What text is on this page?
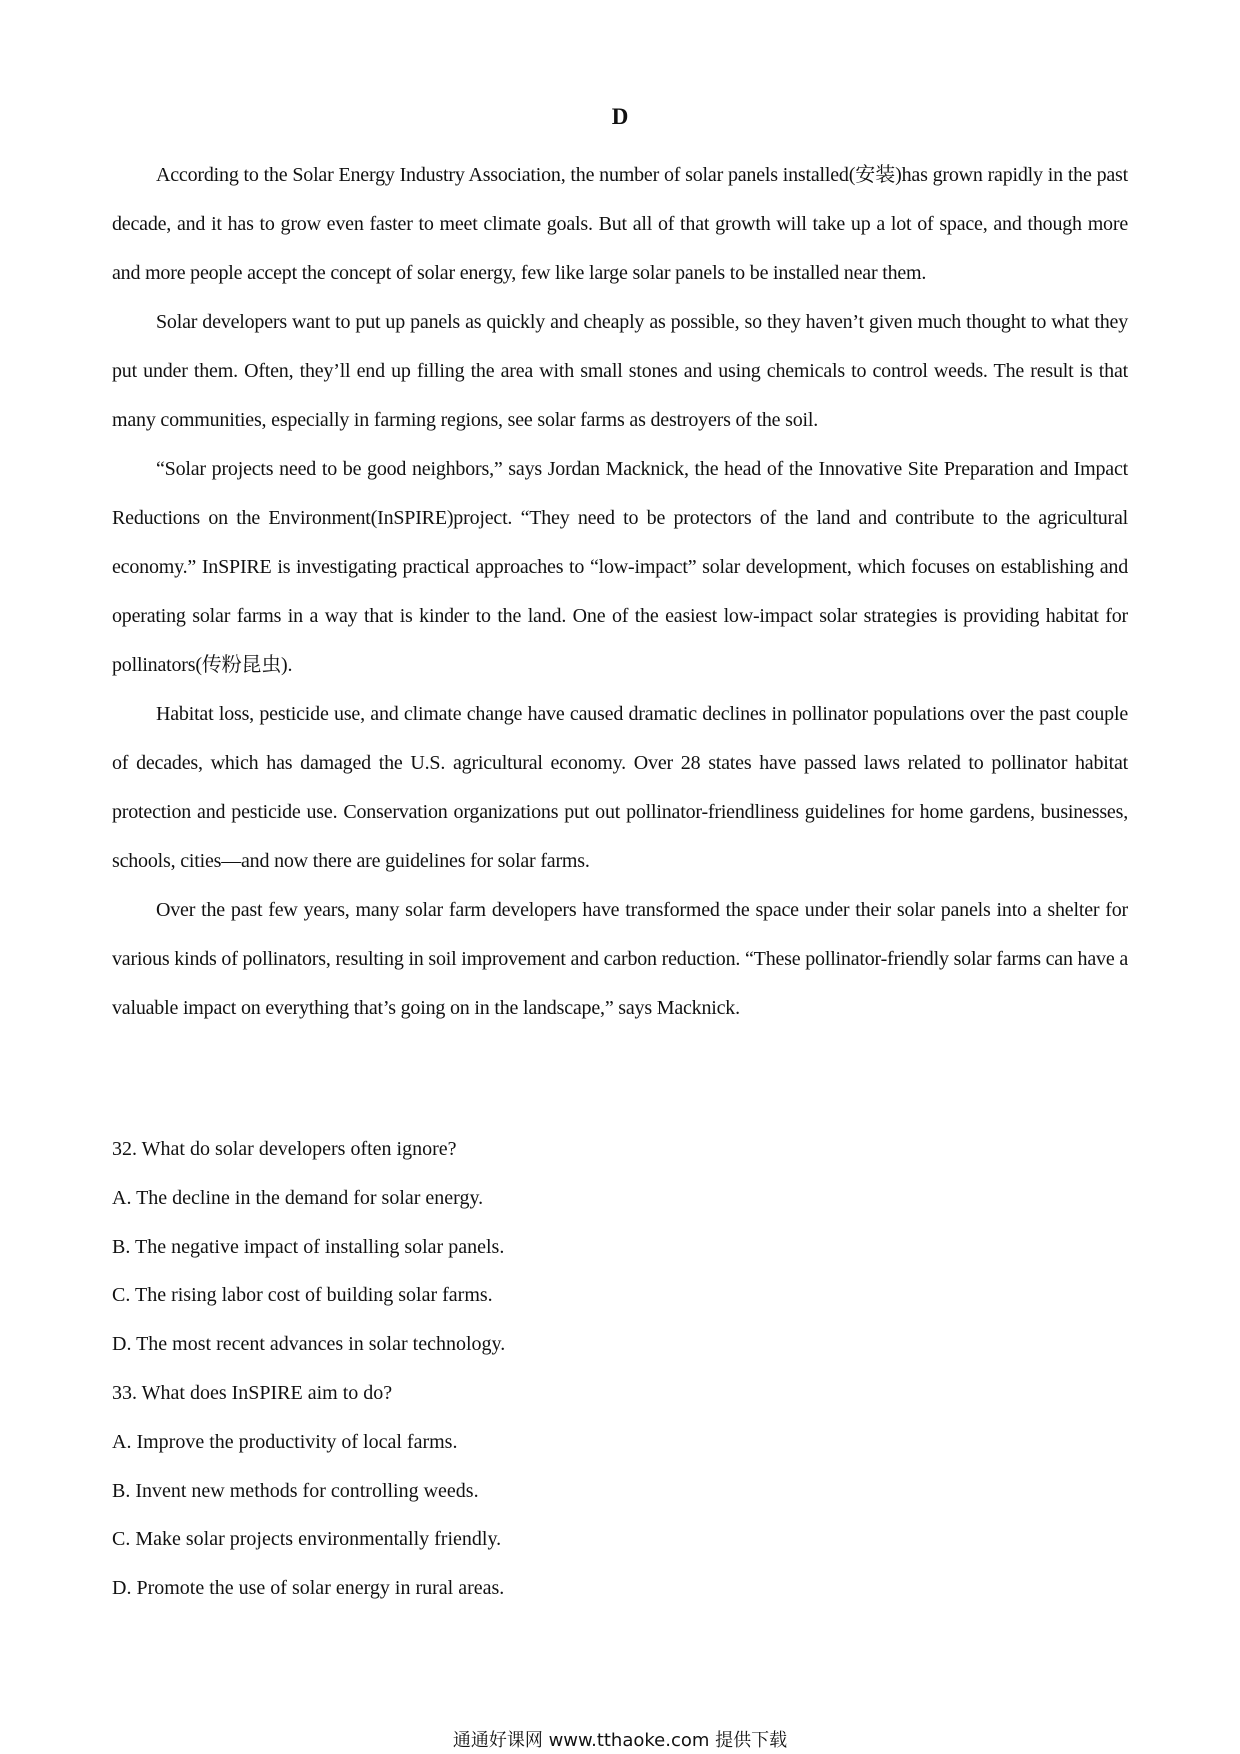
D

According to the Solar Energy Industry Association, the number of solar panels installed(安装)has grown rapidly in the past decade, and it has to grow even faster to meet climate goals. But all of that growth will take up a lot of space, and though more and more people accept the concept of solar energy, few like large solar panels to be installed near them.

Solar developers want to put up panels as quickly and cheaply as possible, so they haven’t given much thought to what they put under them. Often, they’ll end up filling the area with small stones and using chemicals to control weeds. The result is that many communities, especially in farming regions, see solar farms as destroyers of the soil.

“Solar projects need to be good neighbors,” says Jordan Macknick, the head of the Innovative Site Preparation and Impact Reductions on the Environment(InSPIRE)project. “They need to be protectors of the land and contribute to the agricultural economy.” InSPIRE is investigating practical approaches to “low-impact” solar development, which focuses on establishing and operating solar farms in a way that is kinder to the land. One of the easiest low-impact solar strategies is providing habitat for pollinators(传粉昆虫).

Habitat loss, pesticide use, and climate change have caused dramatic declines in pollinator populations over the past couple of decades, which has damaged the U.S. agricultural economy. Over 28 states have passed laws related to pollinator habitat protection and pesticide use. Conservation organizations put out pollinator-friendliness guidelines for home gardens, businesses, schools, cities—and now there are guidelines for solar farms.

Over the past few years, many solar farm developers have transformed the space under their solar panels into a shelter for various kinds of pollinators, resulting in soil improvement and carbon reduction. “These pollinator-friendly solar farms can have a valuable impact on everything that’s going on in the landscape,” says Macknick.

32. What do solar developers often ignore?

A. The decline in the demand for solar energy.

B. The negative impact of installing solar panels.

C. The rising labor cost of building solar farms.

D. The most recent advances in solar technology.

33. What does InSPIRE aim to do?

A. Improve the productivity of local farms.

B. Invent new methods for controlling weeds.

C. Make solar projects environmentally friendly.

D. Promote the use of solar energy in rural areas.

通通好课网 www.tthaoke.com 提供下载
